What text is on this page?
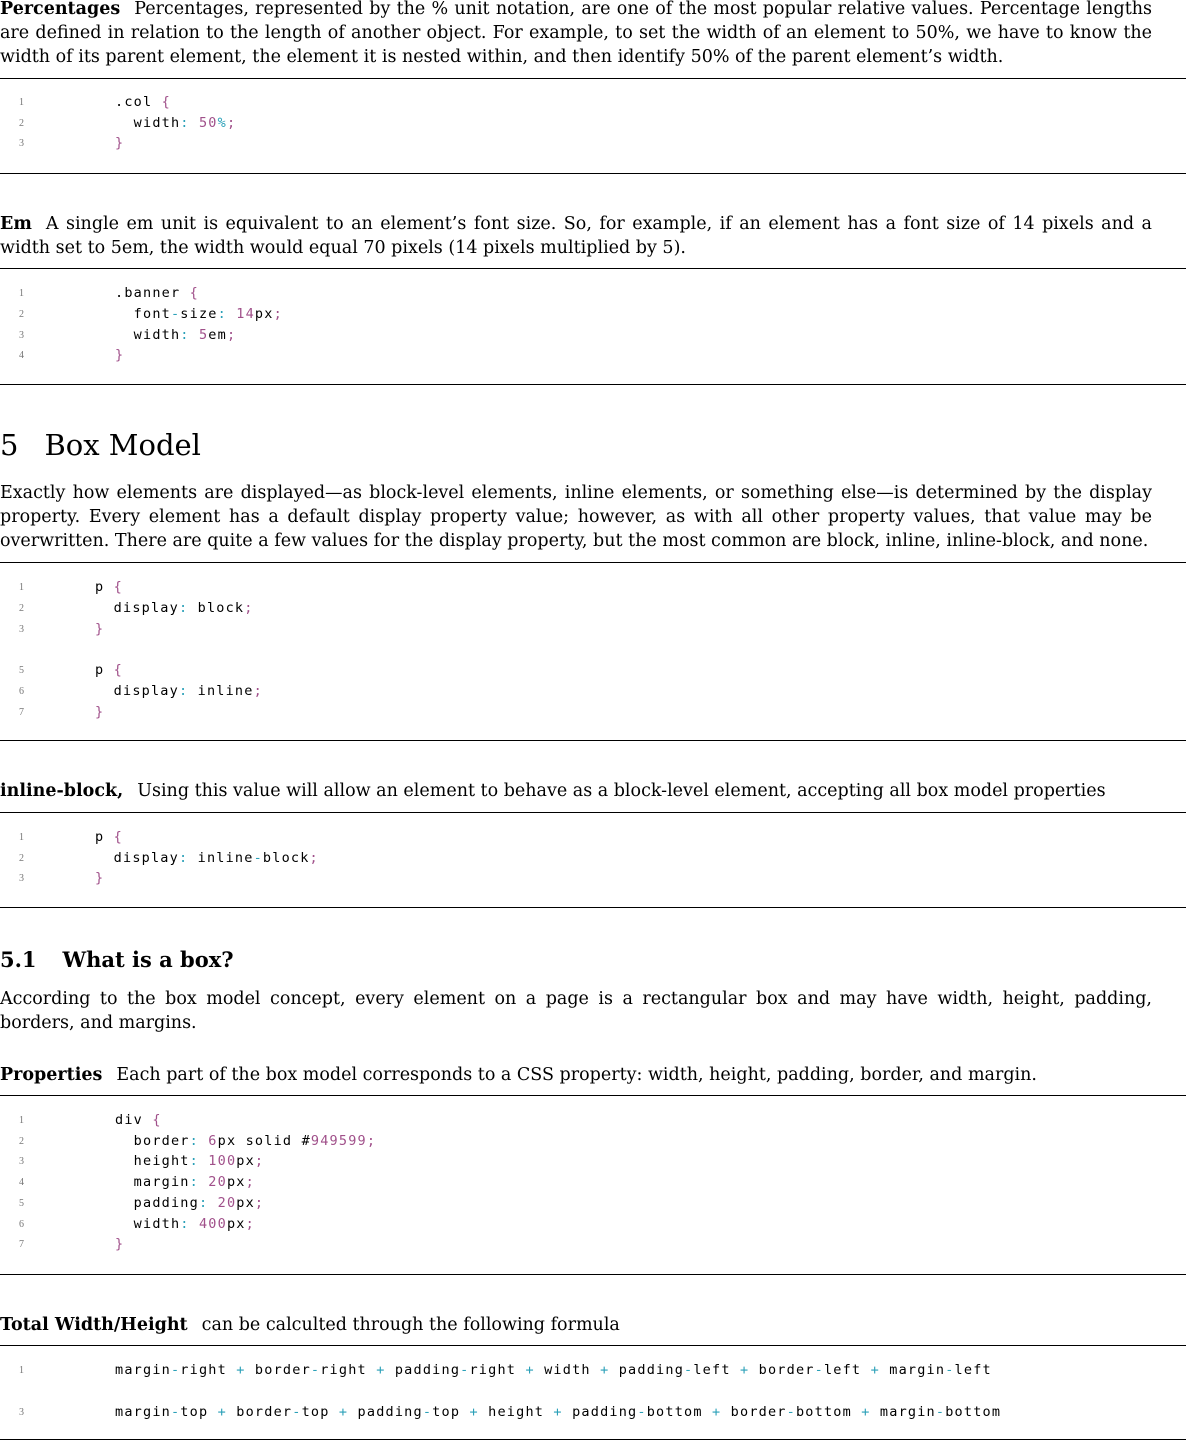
Percentages Percentages, represented by the % unit notation, are one of the most popular relative values. Percentage lengths are defined in relation to the length of another object. For example, to set the width of an element to 50%, we have to know the width of its parent element, the element it is nested within, and then identify 50% of the parent element’s width.
1	.col {
2	width: 50%;
3	}
Em A single em unit is equivalent to an element’s font size. So, for example, if an element has a font size of 14 pixels and a width set to 5em, the width would equal 70 pixels (14 pixels multiplied by 5).
1	.banner {
2	font-size: 14px;
3	width: 5em;
4	}
5 Box Model
Exactly how elements are displayed—as block-level elements, inline elements, or something else—is determined by the display property. Every element has a default display property value; however, as with all other property values, that value may be overwritten. There are quite a few values for the display property, but the most common are block, inline, inline-block, and none.
1	p {
2	display: block;
3	}
5	p {
6	display: inline;
7	}
inline-block, Using this value will allow an element to behave as a block-level element, accepting all box model properties
1	p {
2	display: inline-block;
3	}
5.1 What is a box?
According to the box model concept, every element on a page is a rectangular box and may have width, height, padding, borders, and margins.
Properties Each part of the box model corresponds to a CSS property: width, height, padding, border, and margin.
1	div {
2	border: 6px solid #949599;
3	height: 100px;
4	margin: 20px;
5	padding: 20px;
6	width: 400px;
7	}
Total Width/Height can be calculted through the following formula
1	margin-right + border-right + padding-right + width + padding-left + border-left + margin-left
3	margin-top + border-top + padding-top + height + padding-bottom + border-bottom + margin-bottom
